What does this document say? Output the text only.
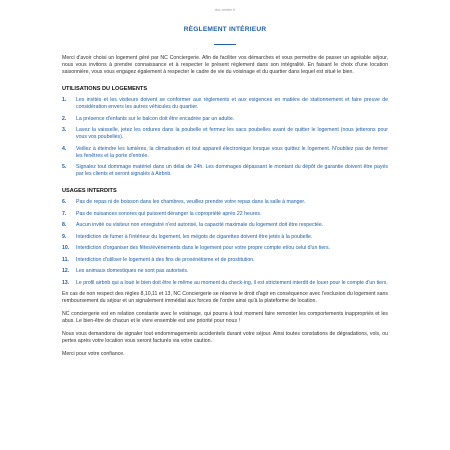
doc-rentier.fr
RÈGLEMENT INTÉRIEUR

Merci d'avoir choisi un logement géré par NC Conciergerie. Afin de faciliter vos démarches et vous permettre de passer un agréable séjour, nous vous invitons à prendre connaissance et à respecter le présent règlement dans son intégralité. En faisant le choix d'une location saisonnière, vous vous engagez également à respecter le cadre de vie du voisinage et du quartier dans lequel est situé le bien.

UTILISATIONS DU LOGEMENTS
1.	Les invités et les visiteurs doivent se conformer aux règlements et aux exigences en matière de stationnement et faire preuve de considération envers les autres véhicules du quartier.
2.	La présence d'enfants sur le balcon doit être encadrée par un adulte.
3.	Lavez la vaisselle, jetez les ordures dans la poubelle et fermez les sacs poubelles avant de quitter le logement (nous jetterons pour vous vos poubelles).
4.	Veillez à éteindre les lumières, la climatisation et tout appareil électronique lorsque vous quittez le logement. N'oubliez pas de fermer les fenêtres et la porte d'entrée.
5.	Signalez tout dommage matériel dans un délai de 24h. Les dommages dépassant le montant du dépôt de garantie doivent être payés par les clients et seront signalés à Airbnb.
USAGES INTERDITS
6.	Pas de repas ni de boisson dans les chambres, veuillez prendre votre repas dans la salle à manger.
7.	Pas de nuisances sonores qui puissent déranger la copropriété après 22 heures.
8.	Aucun invité ou visiteur non enregistré n'est autorisé, la capacité maximale du logement doit être respectée.
9.	Interdiction de fumer à l'intérieur du logement, les mégots de cigarettes doivent être jetés à la poubelle.
10.	Interdiction d'organiser des fêtes/évènements dans le logement pour votre propre compte et/ou celui d'un tiers.
11.	Interdiction d'utiliser le logement à des fins de proxénétisme et de prostitution.
12.	Les animaux domestiques ne sont pas autorisés.
13.	Le profil airbnb qui a loué le bien doit être le même au moment du check-ing, il est strictement interdit de louer pour le compte d'un tiers.

En cas de non respect des règles 8,10,11 et 13, NC Conciergerie se réserve le droit d'agir en conséquence avec l'exclusion du logement sans remboursement du séjour et un signalement immédiat aux forces de l'ordre ainsi qu'à la plateforme de location.

NC conciergerie est en relation constante avec le voisinage, qui pourra à tout moment faire remonter les comportements inappropriés et les abus. Le bien-être de chacun et le vivre ensemble est une priorité pour nous !

Nous vous demandons de signaler tout endommagements accidentels durant votre séjour. Ainsi toutes constations de dégradations, vols, ou pertes après votre location vous seront facturés via votre caution.

Merci pour votre confiance.
